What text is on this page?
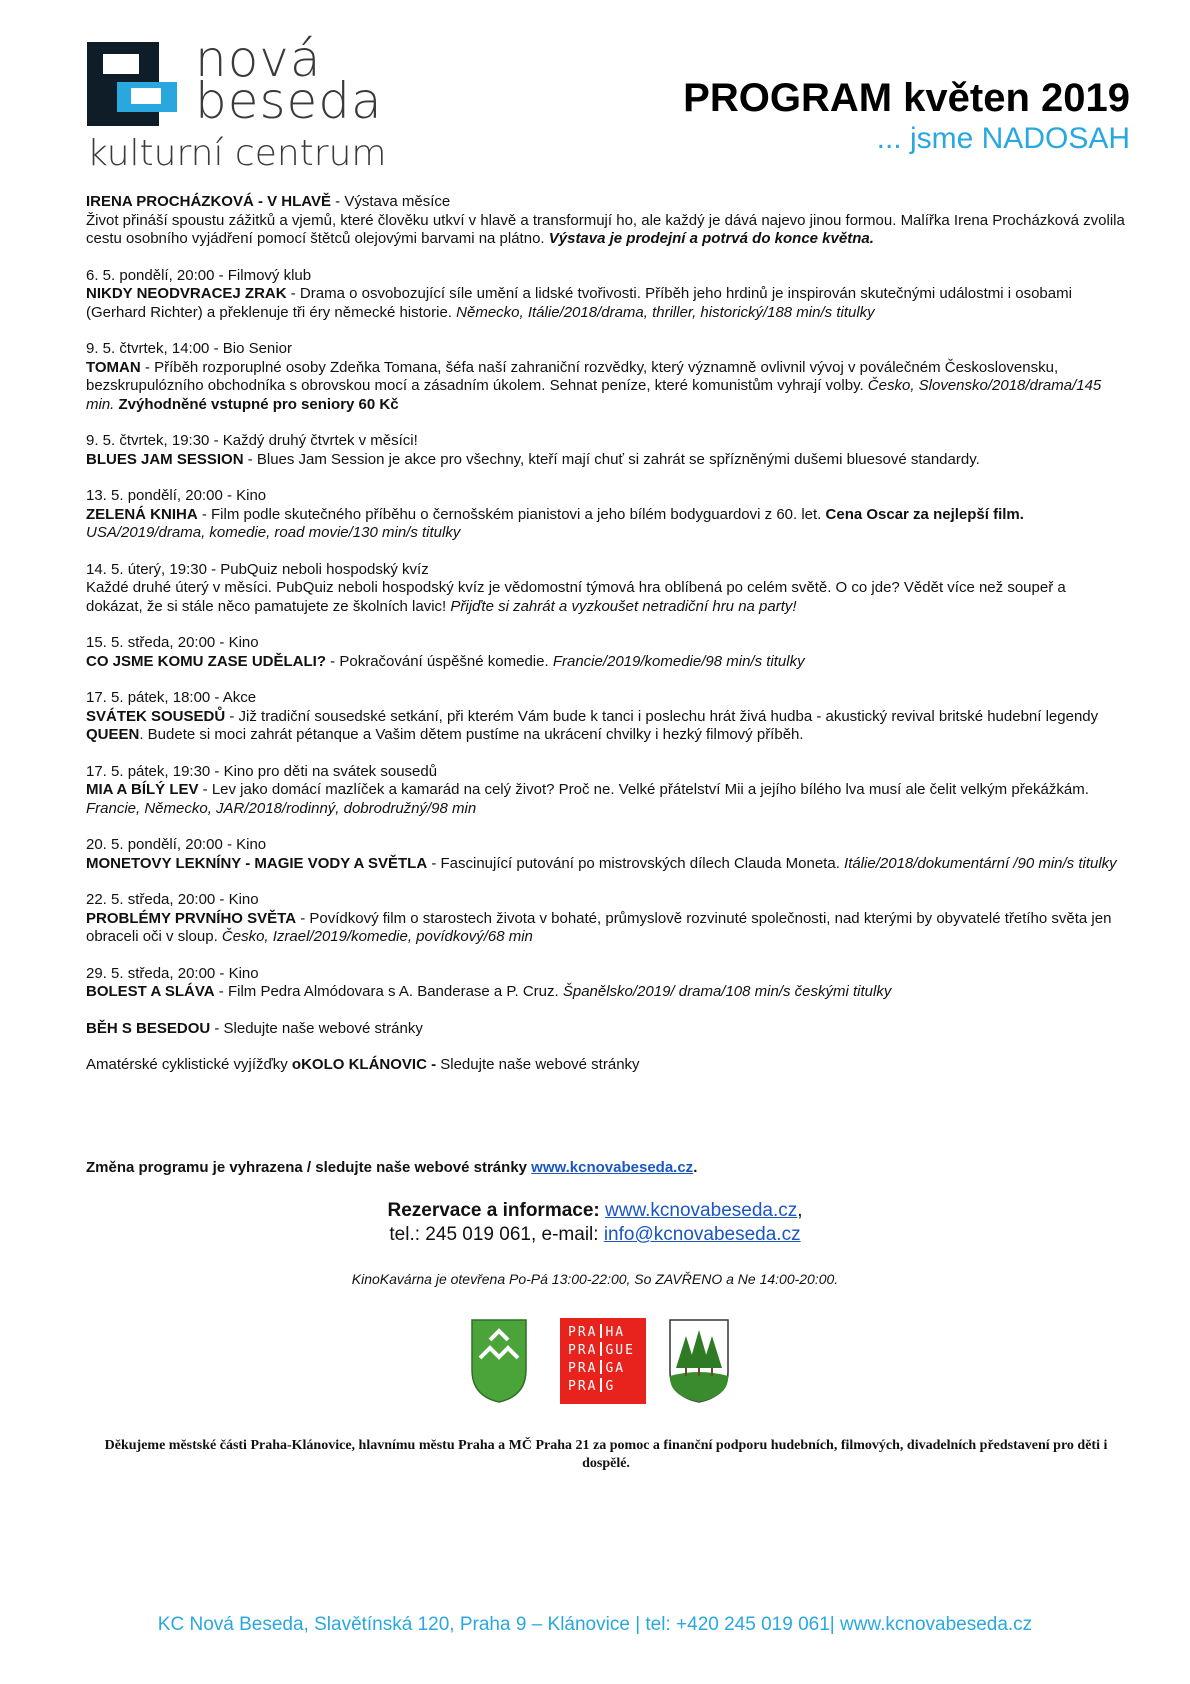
nová
beseda
kulturní centrum
PROGRAM květen 2019
... jsme NADOSAH

IRENA PROCHÁZKOVÁ - V HLAVĚ - Výstava měsíce

Život přináší spoustu zážitků a vjemů, které člověku utkví v hlavě a transformují ho, ale každý je dává najevo jinou formou. Malířka Irena Procházková zvolila cestu osobního vyjádření pomocí štětců olejovými barvami na plátno. Výstava je prodejní a potrvá do konce května.

6. 5. pondělí, 20:00 - Filmový klub

NIKDY NEODVRACEJ ZRAK - Drama o osvobozující síle umění a lidské tvořivosti. Příběh jeho hrdinů je inspirován skutečnými událostmi i osobami (Gerhard Richter) a překlenuje tři éry německé historie. Německo, Itálie/2018/drama, thriller, historický/188 min/s titulky

9. 5. čtvrtek, 14:00 - Bio Senior

TOMAN - Příběh rozporuplné osoby Zdeňka Tomana, šéfa naší zahraniční rozvědky, který významně ovlivnil vývoj v poválečném Československu, bezskrupulózního obchodníka s obrovskou mocí a zásadním úkolem. Sehnat peníze, které komunistům vyhrají volby. Česko, Slovensko/2018/drama/145 min. Zvýhodněné vstupné pro seniory 60 Kč

9. 5. čtvrtek, 19:30 - Každý druhý čtvrtek v měsíci!

BLUES JAM SESSION - Blues Jam Session je akce pro všechny, kteří mají chuť si zahrát se spřízněnými dušemi bluesové standardy.

13. 5. pondělí, 20:00 - Kino

ZELENÁ KNIHA - Film podle skutečného příběhu o černošském pianistovi a jeho bílém bodyguardovi z 60. let. Cena Oscar za nejlepší film.

USA/2019/drama, komedie, road movie/130 min/s titulky

14. 5. úterý, 19:30 - PubQuiz neboli hospodský kvíz

Každé druhé úterý v měsíci. PubQuiz neboli hospodský kvíz je vědomostní týmová hra oblíbená po celém světě. O co jde? Vědět více než soupeř a dokázat, že si stále něco pamatujete ze školních lavic! Přijďte si zahrát a vyzkoušet netradiční hru na party!

15. 5. středa, 20:00 - Kino

CO JSME KOMU ZASE UDĚLALI? - Pokračování úspěšné komedie. Francie/2019/komedie/98 min/s titulky

17. 5. pátek, 18:00 - Akce

SVÁTEK SOUSEDŮ - Již tradiční sousedské setkání, při kterém Vám bude k tanci i poslechu hrát živá hudba - akustický revival britské hudební legendy QUEEN. Budete si moci zahrát pétanque a Vašim dětem pustíme na ukrácení chvilky i hezký filmový příběh.

17. 5. pátek, 19:30 - Kino pro děti na svátek sousedů

MIA A BÍLÝ LEV - Lev jako domácí mazlíček a kamarád na celý život? Proč ne. Velké přátelství Mii a jejího bílého lva musí ale čelit velkým překážkám. Francie, Německo, JAR/2018/rodinný, dobrodružný/98 min

20. 5. pondělí, 20:00 - Kino

MONETOVY LEKNÍNY - MAGIE VODY A SVĚTLA - Fascinující putování po mistrovských dílech Clauda Moneta. Itálie/2018/dokumentární /90 min/s titulky

22. 5. středa, 20:00 - Kino

PROBLÉMY PRVNÍHO SVĚTA - Povídkový film o starostech života v bohaté, průmyslově rozvinuté společnosti, nad kterými by obyvatelé třetího světa jen obraceli oči v sloup. Česko, Izrael/2019/komedie, povídkový/68 min

29. 5. středa, 20:00 - Kino

BOLEST A SLÁVA - Film Pedra Almódovara s A. Banderase a P. Cruz. Španělsko/2019/ drama/108 min/s českými titulky

BĚH S BESEDOU - Sledujte naše webové stránky

Amatérské cyklistické vyjížďky oKOLO KLÁNOVIC - Sledujte naše webové stránky

Změna programu je vyhrazena / sledujte naše webové stránky www.kcnovabeseda.cz.
Rezervace a informace: www.kcnovabeseda.cz,
tel.: 245 019 061, e-mail: info@kcnovabeseda.cz
KinoKavárna je otevřena Po-Pá 13:00-22:00, So ZAVŘENO a Ne 14:00-20:00.
PRA HA
PRA GUE
PRA GA
PRA G
Děkujeme městské části Praha-Klánovice, hlavnímu městu Praha a MČ Praha 21 za pomoc a finanční podporu hudebních, filmových, divadelních představení pro děti i dospělé.
KC Nová Beseda, Slavětínská 120, Praha 9 – Klánovice | tel: +420 245 019 061| www.kcnovabeseda.cz
